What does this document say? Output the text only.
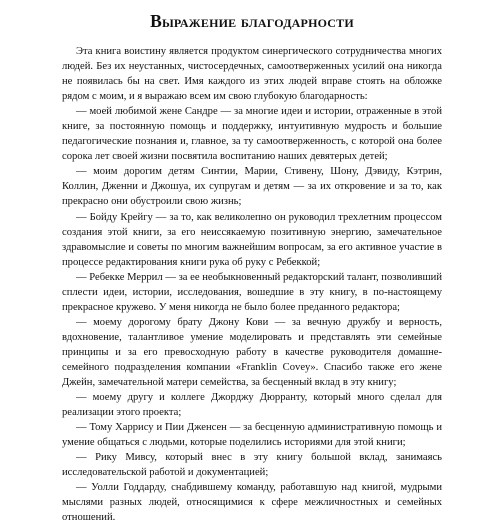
Выражение благодарности

Эта книга воистину является продуктом синергического сотрудничества многих людей. Без их неустанных, чистосердечных, самоотверженных усилий она никогда не появилась бы на свет. Имя каждого из этих людей вправе стоять на обложке рядом с моим, и я выражаю всем им свою глубокую благодарность:

— моей любимой жене Сандре — за многие идеи и истории, отраженные в этой книге, за постоянную помощь и поддержку, интуитивную мудрость и большие педагогические познания и, главное, за ту самоотверженность, с которой она более сорока лет своей жизни посвятила воспитанию наших девятерых детей;

— моим дорогим детям Синтии, Марии, Стивену, Шону, Дэвиду, Кэтрин, Коллин, Дженни и Джошуа, их супругам и детям — за их откровение и за то, как прекрасно они обустроили свою жизнь;

— Бойду Крейгу — за то, как великолепно он руководил трехлетним процессом создания этой книги, за его неиссякаемую позитивную энергию, замечательное здравомыслие и советы по многим важнейшим вопросам, за его активное участие в процессе редактирования книги рука об руку с Ребеккой;

— Ребекке Меррил — за ее необыкновенный редакторский талант, позволивший сплести идеи, истории, исследования, вошедшие в эту книгу, в по-настоящему прекрасное кружево. У меня никогда не было более преданного редактора;

— моему дорогому брату Джону Кови — за вечную дружбу и верность, вдохновение, талантливое умение моделировать и представлять эти семейные принципы и за его превосходную работу в качестве руководителя домашне-семейного подразделения компании «Franklin Covey». Спасибо также его жене Джейн, замечательной матери семейства, за бесценный вклад в эту книгу;

— моему другу и коллеге Джорджу Дюрранту, который много сделал для реализации этого проекта;

— Тому Харрису и Пии Дженсен — за бесценную административную помощь и умение общаться с людьми, которые поделились историями для этой книги;

— Рику Мивсу, который внес в эту книгу большой вклад, занимаясь исследовательской работой и документацией;

— Уолли Годдарду, снабдившему команду, работавшую над книгой, мудрыми мыслями разных людей, относящимися к сфере межличностных и семейных отношений.
